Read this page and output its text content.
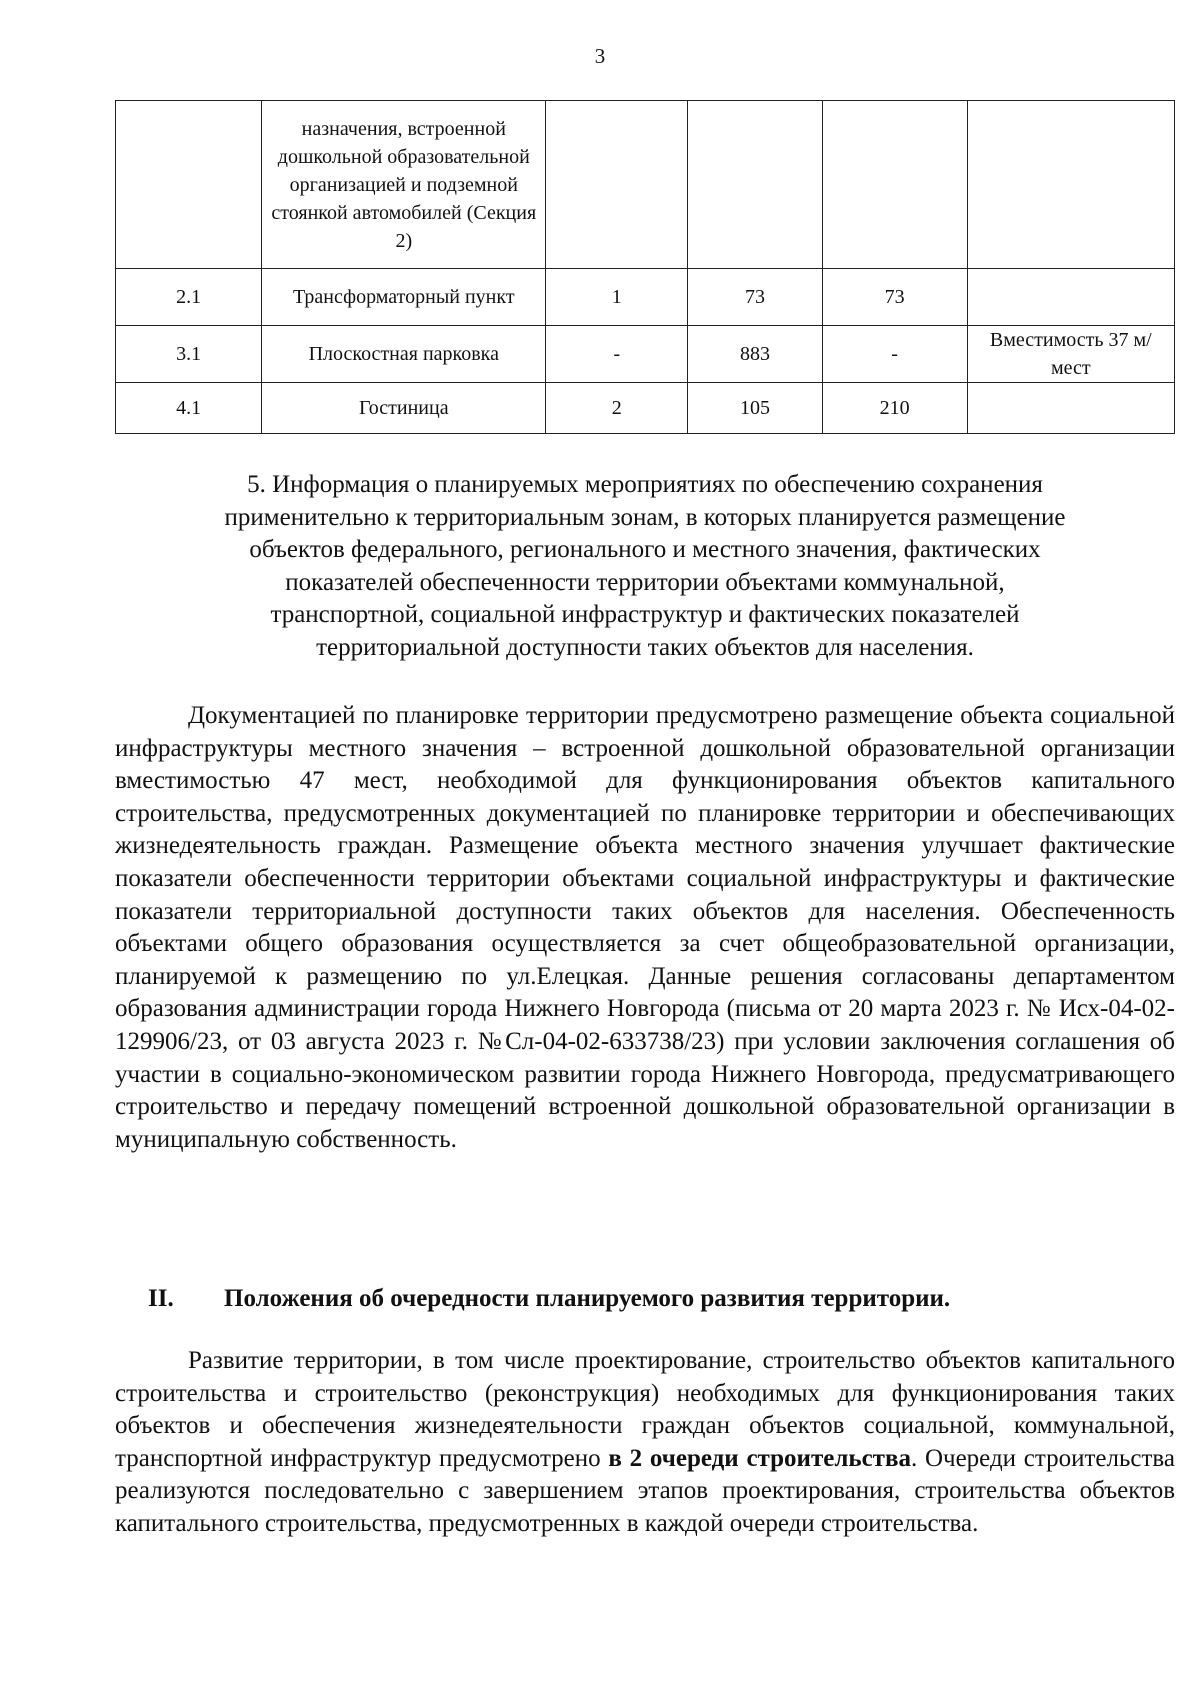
3
	назначения, встроенной дошкольной образовательной организацией и подземной стоянкой автомобилей (Секция 2)				
2.1	Трансформаторный пункт	1	73	73	
3.1	Плоскостная парковка	-	883	-	Вместимость 37 м/мест
4.1	Гостиница	2	105	210	
5. Информация о планируемых мероприятиях по обеспечению сохранения
применительно к территориальным зонам, в которых планируется размещение
объектов федерального, регионального и местного значения, фактических
показателей обеспеченности территории объектами коммунальной,
транспортной, социальной инфраструктур и фактических показателей
территориальной доступности таких объектов для населения.
Документацией по планировке территории предусмотрено размещение объекта социальной инфраструктуры местного значения – встроенной дошкольной образовательной организации вместимостью 47 мест, необходимой для функционирования объектов капитального строительства, предусмотренных документацией по планировке территории и обеспечивающих жизнедеятельность граждан. Размещение объекта местного значения улучшает фактические показатели обеспеченности территории объектами социальной инфраструктуры и фактические показатели территориальной доступности таких объектов для населения. Обеспеченность объектами общего образования осуществляется за счет общеобразовательной организации, планируемой к размещению по ул.Елецкая. Данные решения согласованы департаментом образования администрации города Нижнего Новгорода (письма от 20 марта 2023 г. № Исх-04-02-129906/23, от 03 августа 2023 г. №Сл-04-02-633738/23) при условии заключения соглашения об участии в социально-экономическом развитии города Нижнего Новгорода, предусматривающего строительство и передачу помещений встроенной дошкольной образовательной организации в муниципальную собственность.
II. Положения об очередности планируемого развития территории.
Развитие территории, в том числе проектирование, строительство объектов капитального строительства и строительство (реконструкция) необходимых для функционирования таких объектов и обеспечения жизнедеятельности граждан объектов социальной, коммунальной, транспортной инфраструктур предусмотрено в 2 очереди строительства. Очереди строительства реализуются последовательно с завершением этапов проектирования, строительства объектов капитального строительства, предусмотренных в каждой очереди строительства.
